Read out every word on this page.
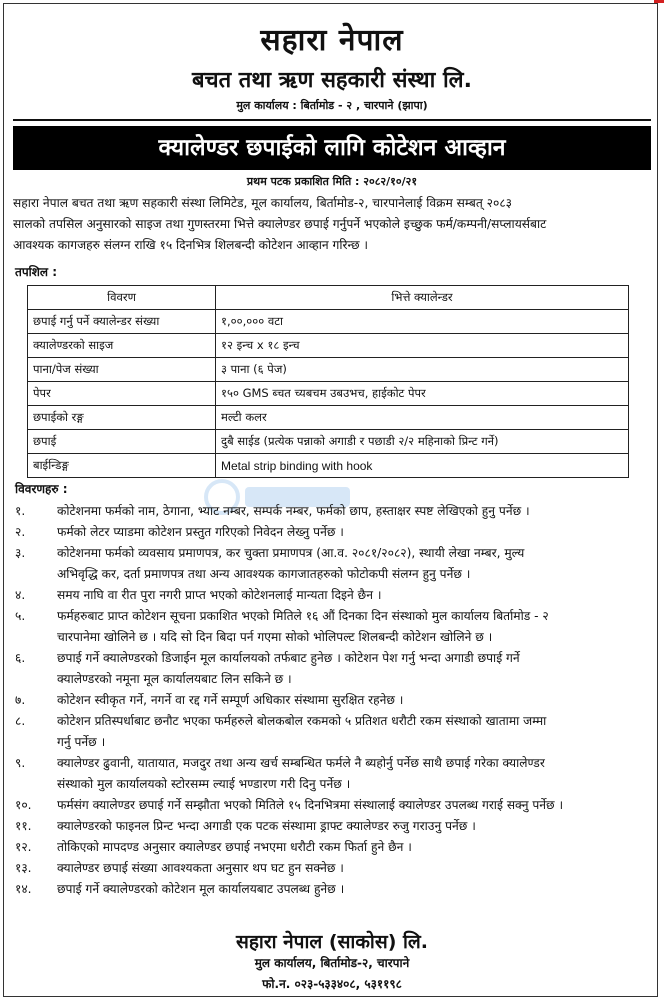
सहारा नेपाल
बचत तथा ऋण सहकारी संस्था लि.
मुल कार्यालय : बिर्तामोड - २ , चारपाने (झापा)
क्यालेण्डर छपाईको लागि कोटेशन आव्हान
प्रथम पटक प्रकाशित मिति : २०८२/१०/२१
सहारा नेपाल बचत तथा ऋण सहकारी संस्था लिमिटेड, मूल कार्यालय, बिर्तामोड-२, चारपानेलाई विक्रम सम्बत् २०८३
सालको तपसिल अनुसारको साइज तथा गुणस्तरमा भित्ते क्यालेण्डर छपाई गर्नुपर्ने भएकोले इच्छुक फर्म/कम्पनी/सप्लायर्सबाट
आवश्यक कागजहरु संलग्न राखि १५ दिनभित्र शिलबन्दी कोटेशन आव्हान गरिन्छ ।
तपशिल :
विवरण	भित्ते क्यालेन्डर
छपाई गर्नु पर्ने क्यालेन्डर संख्या	१,००,००० वटा
क्यालेण्डरको साइज	१२ इन्च x १८ इन्च
पाना/पेज संख्या	३ पाना (६ पेज)
पेपर	१५० GMS ब्चत च्यबचम उबउभच, हाईकोट पेपर
छपाईको रङ्ग	मल्टी कलर
छपाई	दुबै साईड (प्रत्येक पन्नाको अगाडी र पछाडी २/२ महिनाको प्रिन्ट गर्ने)
बाईन्डिङ्ग	Metal strip binding with hook
विवरणहरु :
१.	कोटेशनमा फर्मको नाम, ठेगाना, भ्याट नम्बर, सम्पर्क नम्बर, फर्मको छाप, हस्ताक्षर स्पष्ट लेखिएको हुनु पर्नेछ ।
२.	फर्मको लेटर प्याडमा कोटेशन प्रस्तुत गरिएको निवेदन लेख्नु पर्नेछ ।
३.	कोटेशनमा फर्मको व्यवसाय प्रमाणपत्र, कर चुक्ता प्रमाणपत्र (आ.व. २०८१/२०८२), स्थायी लेखा नम्बर, मुल्य
अभिवृद्धि कर, दर्ता प्रमाणपत्र तथा अन्य आवश्यक कागजातहरुको फोटोकपी संलग्न हुनु पर्नेछ ।
४.	समय नाघि वा रीत पुरा नगरी प्राप्त भएको कोटेशनलाई मान्यता दिइने छैन ।
५.	फर्महरुबाट प्राप्त कोटेशन सूचना प्रकाशित भएको मितिले १६ औं दिनका दिन संस्थाको मुल कार्यालय बिर्तामोड - २
चारपानेमा खोलिने छ । यदि सो दिन बिदा पर्न गएमा सोको भोलिपल्ट शिलबन्दी कोटेशन खोलिने छ ।
६.	छपाई गर्ने क्यालेण्डरको डिजाईन मूल कार्यालयको तर्फबाट हुनेछ । कोटेशन पेश गर्नु भन्दा अगाडी छपाई गर्ने
क्यालेण्डरको नमूना मूल कार्यालयबाट लिन सकिने छ ।
७.	कोटेशन स्वीकृत गर्ने, नगर्ने वा रद्द गर्ने सम्पूर्ण अधिकार संस्थामा सुरक्षित रहनेछ ।
८.	कोटेशन प्रतिस्पर्धाबाट छनौट भएका फर्महरुले बोलकबोल रकमको ५ प्रतिशत धरौटी रकम संस्थाको खातामा जम्मा
गर्नु पर्नेछ ।
९.	क्यालेण्डर ढुवानी, यातायात, मजदुर तथा अन्य खर्च सम्बन्धित फर्मले नै ब्यहोर्नु पर्नेछ साथै छपाई गरेका क्यालेण्डर
संस्थाको मुल कार्यालयको स्टोरसम्म ल्याई भण्डारण गरी दिनु पर्नेछ ।
१०.	फर्मसंग क्यालेण्डर छपाई गर्ने सम्झौता भएको मितिले १५ दिनभित्रमा संस्थालाई क्यालेण्डर उपलब्ध गराई सक्नु पर्नेछ ।
११.	क्यालेण्डरको फाइनल प्रिन्ट भन्दा अगाडी एक पटक संस्थामा ड्राफ्ट क्यालेण्डर रुजु गराउनु पर्नेछ ।
१२.	तोकिएको मापदण्ड अनुसार क्यालेण्डर छपाई नभएमा धरौटी रकम फिर्ता हुने छैन ।
१३.	क्यालेण्डर छपाई संख्या आवश्यकता अनुसार थप घट हुन सक्नेछ ।
१४.	छपाई गर्ने क्यालेण्डरको कोटेशन मूल कार्यालयबाट उपलब्ध हुनेछ ।
सहारा नेपाल (साकोस) लि.
मुल कार्यालय, बिर्तामोड-२, चारपाने
फो.न. ०२३-५३३४०८, ५३११९८
